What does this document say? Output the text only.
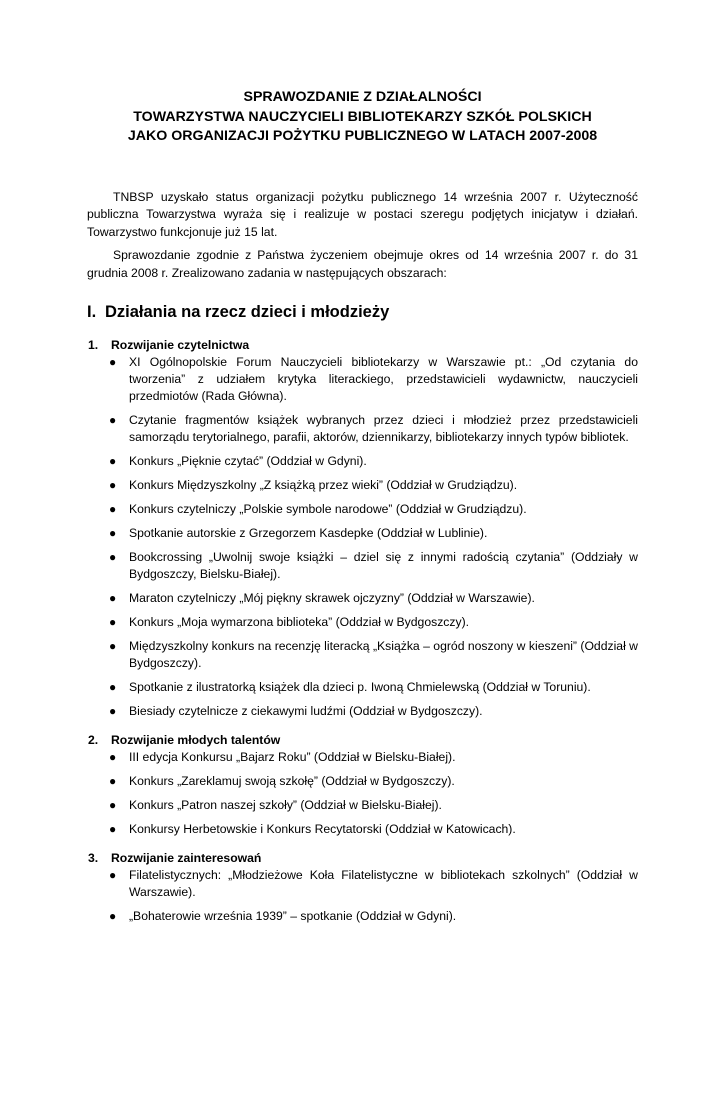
SPRAWOZDANIE Z DZIAŁALNOŚCI
TOWARZYSTWA NAUCZYCIELI BIBLIOTEKARZY SZKÓŁ POLSKICH
JAKO ORGANIZACJI POŻYTKU PUBLICZNEGO W LATACH 2007-2008

TNBSP uzyskało status organizacji pożytku publicznego 14 września 2007 r. Użyteczność publiczna Towarzystwa wyraża się i realizuje w postaci szeregu podjętych inicjatyw i działań. Towarzystwo funkcjonuje już 15 lat.

Sprawozdanie zgodnie z Państwa życzeniem obejmuje okres od 14 września 2007 r. do 31 grudnia 2008 r. Zrealizowano zadania w następujących obszarach:

I. Działania na rzecz dzieci i młodzieży
1.	Rozwijanie czytelnictwa
● XI Ogólnopolskie Forum Nauczycieli bibliotekarzy w Warszawie pt.: „Od czytania do tworzenia” z udziałem krytyka literackiego, przedstawicieli wydawnictw, nauczycieli przedmiotów (Rada Główna).
● Czytanie fragmentów książek wybranych przez dzieci i młodzież przez przedstawicieli samorządu terytorialnego, parafii, aktorów, dziennikarzy, bibliotekarzy innych typów bibliotek.
● Konkurs „Pięknie czytać” (Oddział w Gdyni).
● Konkurs Międzyszkolny „Z książką przez wieki” (Oddział w Grudziądzu).
● Konkurs czytelniczy „Polskie symbole narodowe” (Oddział w Grudziądzu).
● Spotkanie autorskie z Grzegorzem Kasdepke (Oddział w Lublinie).
● Bookcrossing „Uwolnij swoje książki – dziel się z innymi radością czytania” (Oddziały w Bydgoszczy, Bielsku-Białej).
● Maraton czytelniczy „Mój piękny skrawek ojczyzny” (Oddział w Warszawie).
● Konkurs „Moja wymarzona biblioteka” (Oddział w Bydgoszczy).
● Międzyszkolny konkurs na recenzję literacką „Książka – ogród noszony w kieszeni” (Oddział w Bydgoszczy).
● Spotkanie z ilustratorką książek dla dzieci p. Iwoną Chmielewską (Oddział w Toruniu).
● Biesiady czytelnicze z ciekawymi ludźmi (Oddział w Bydgoszczy).
2.	Rozwijanie młodych talentów
● III edycja Konkursu „Bajarz Roku” (Oddział w Bielsku-Białej).
● Konkurs „Zareklamuj swoją szkołę” (Oddział w Bydgoszczy).
● Konkurs „Patron naszej szkoły” (Oddział w Bielsku-Białej).
● Konkursy Herbetowskie i Konkurs Recytatorski (Oddział w Katowicach).
3.	Rozwijanie zainteresowań
● Filatelistycznych: „Młodzieżowe Koła Filatelistyczne w bibliotekach szkolnych” (Oddział w Warszawie).
● „Bohaterowie września 1939” – spotkanie (Oddział w Gdyni).
